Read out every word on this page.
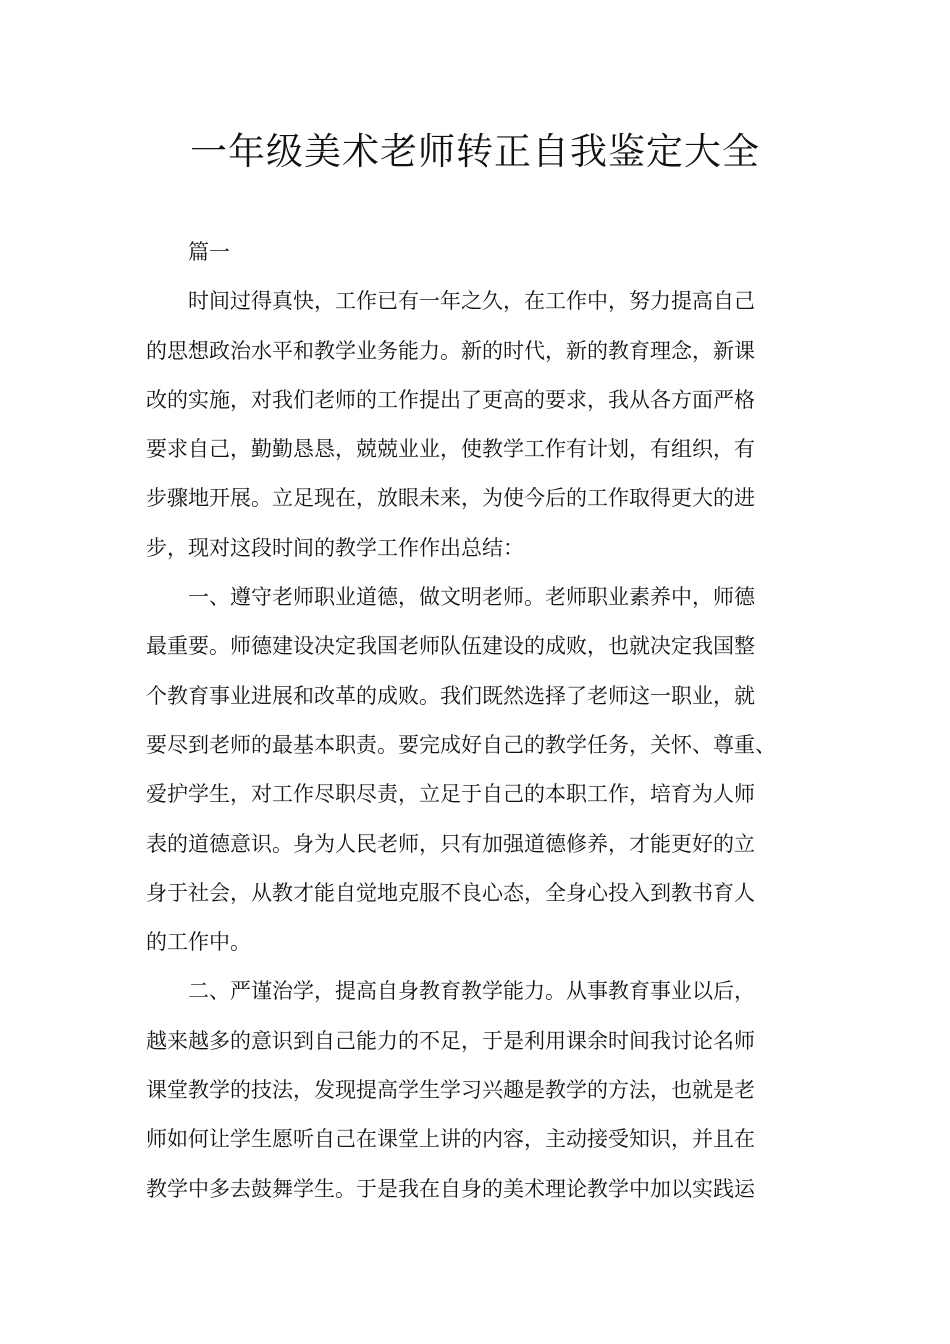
一年级美术老师转正自我鉴定大全
篇一
时间过得真快，工作已有一年之久，在工作中，努力提高自己
的思想政治水平和教学业务能力。新的时代，新的教育理念，新课
改的实施，对我们老师的工作提出了更高的要求，我从各方面严格
要求自己，勤勤恳恳，兢兢业业，使教学工作有计划，有组织，有
步骤地开展。立足现在，放眼未来，为使今后的工作取得更大的进
步，现对这段时间的教学工作作出总结：
一、遵守老师职业道德，做文明老师。老师职业素养中，师德
最重要。师德建设决定我国老师队伍建设的成败，也就决定我国整
个教育事业进展和改革的成败。我们既然选择了老师这一职业，就
要尽到老师的最基本职责。要完成好自己的教学任务，关怀、尊重、
爱护学生，对工作尽职尽责，立足于自己的本职工作，培育为人师
表的道德意识。身为人民老师，只有加强道德修养，才能更好的立
身于社会，从教才能自觉地克服不良心态，全身心投入到教书育人
的工作中。
二、严谨治学，提高自身教育教学能力。从事教育事业以后，
越来越多的意识到自己能力的不足，于是利用课余时间我讨论名师
课堂教学的技法，发现提高学生学习兴趣是教学的方法，也就是老
师如何让学生愿听自己在课堂上讲的内容，主动接受知识，并且在
教学中多去鼓舞学生。于是我在自身的美术理论教学中加以实践运
